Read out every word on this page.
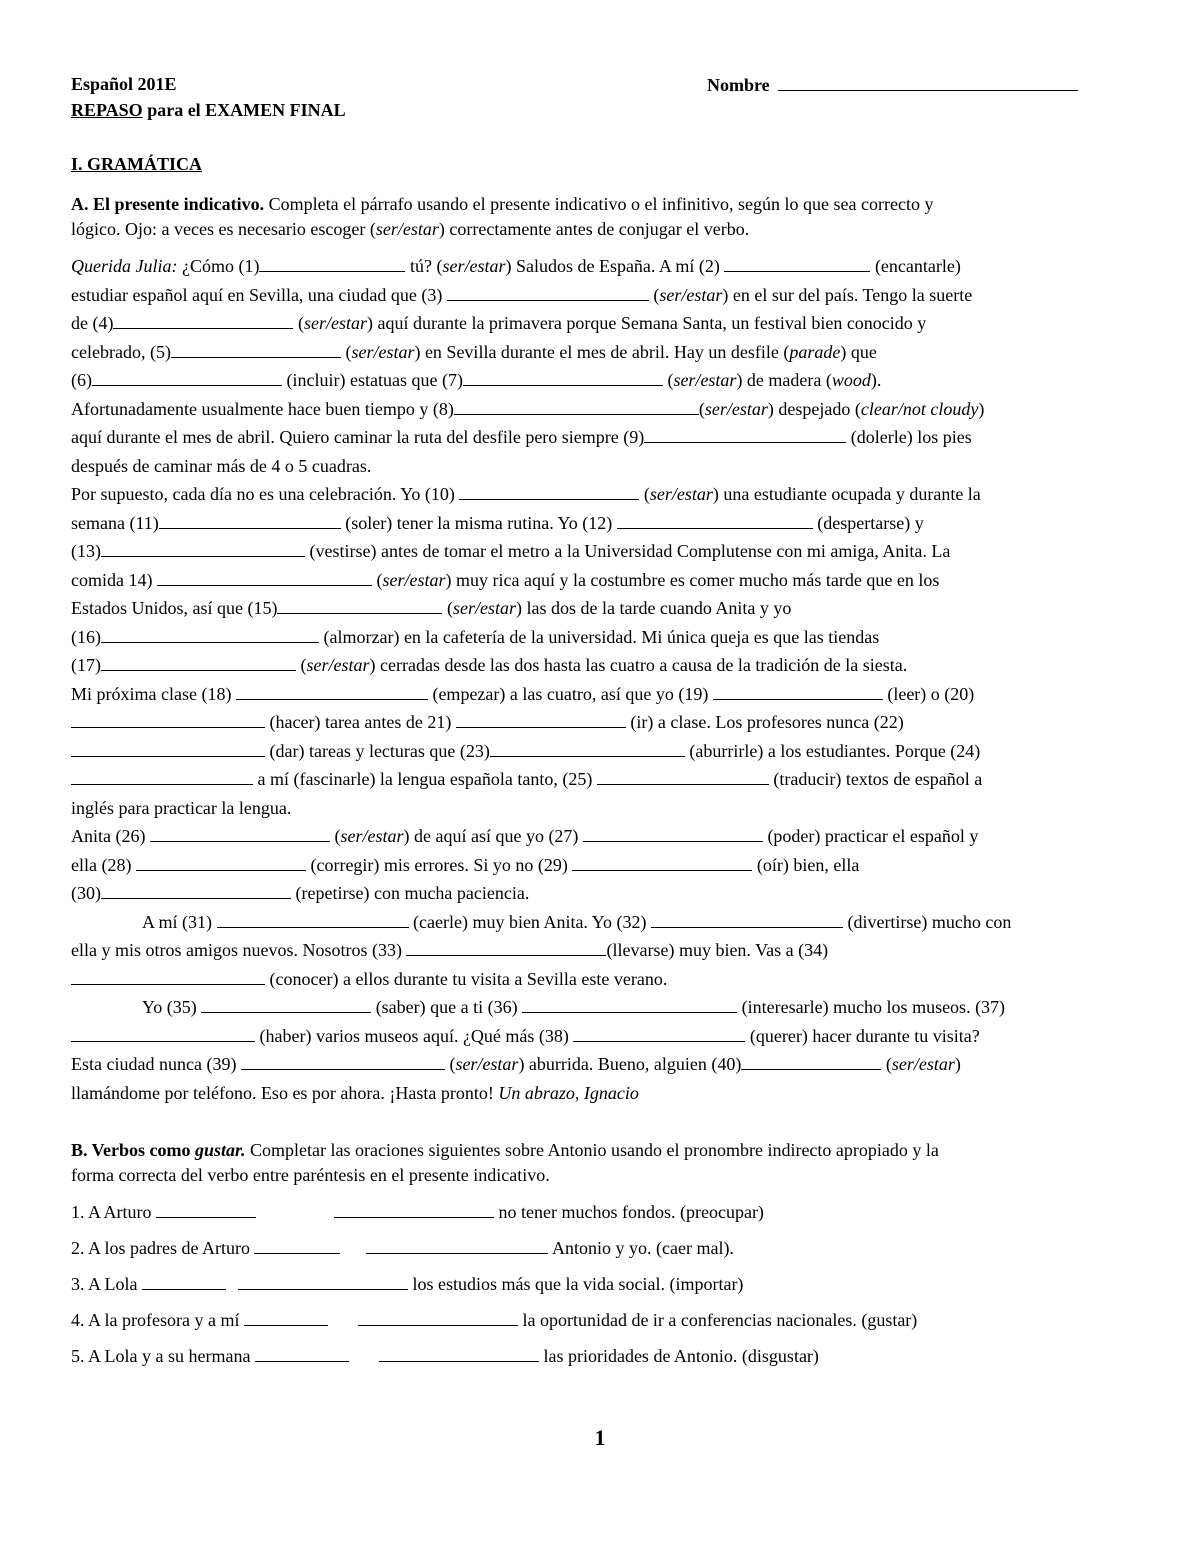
Español 201E	Nombre
REPASO para el EXAMEN FINAL
I. GRAMÁTICA
A. El presente indicativo. Completa el párrafo usando el presente indicativo o el infinitivo, según lo que sea correcto y
lógico. Ojo: a veces es necesario escoger (ser/estar) correctamente antes de conjugar el verbo.

Querida Julia: ¿Cómo (1)	tú? (ser/estar) Saludos de España. A mí (2)	(encantarle)

estudiar español aquí en Sevilla, una ciudad que (3)	(ser/estar) en el sur del país. Tengo la suerte

de (4)	(ser/estar) aquí durante la primavera porque Semana Santa, un festival bien conocido y

celebrado, (5)	(ser/estar) en Sevilla durante el mes de abril. Hay un desfile (parade) que

(6)	(incluir) estatuas que (7)	(ser/estar) de madera (wood).

Afortunadamente usualmente hace buen tiempo y (8)	(ser/estar) despejado (clear/not cloudy)

aquí durante el mes de abril. Quiero caminar la ruta del desfile pero siempre (9)	(dolerle) los pies

después de caminar más de 4 o 5 cuadras.

Por supuesto, cada día no es una celebración. Yo (10)	(ser/estar) una estudiante ocupada y durante la

semana (11)	(soler) tener la misma rutina. Yo (12)	(despertarse) y

(13)	(vestirse) antes de tomar el metro a la Universidad Complutense con mi amiga, Anita. La

comida 14)	(ser/estar) muy rica aquí y la costumbre es comer mucho más tarde que en los

Estados Unidos, así que (15)	(ser/estar) las dos de la tarde cuando Anita y yo

(16)	(almorzar) en la cafetería de la universidad. Mi única queja es que las tiendas

(17)	(ser/estar) cerradas desde las dos hasta las cuatro a causa de la tradición de la siesta.

Mi próxima clase (18)	(empezar) a las cuatro, así que yo (19)	(leer) o (20)

(hacer) tarea antes de 21)	(ir) a clase. Los profesores nunca (22)

(dar) tareas y lecturas que (23)	(aburrirle) a los estudiantes. Porque (24)

a mí (fascinarle) la lengua española tanto, (25)	(traducir) textos de español a

inglés para practicar la lengua.

Anita (26)	(ser/estar) de aquí así que yo (27)	(poder) practicar el español y

ella (28)	(corregir) mis errores. Si yo no (29)	(oír) bien, ella

(30)	(repetirse) con mucha paciencia.

A mí (31)	(caerle) muy bien Anita. Yo (32)	(divertirse) mucho con

ella y mis otros amigos nuevos. Nosotros (33)	(llevarse) muy bien. Vas a (34)

(conocer) a ellos durante tu visita a Sevilla este verano.

Yo (35)	(saber) que a ti (36)	(interesarle) mucho los museos. (37)

(haber) varios museos aquí. ¿Qué más (38)	(querer) hacer durante tu visita?

Esta ciudad nunca (39)	(ser/estar) aburrida. Bueno, alguien (40)	(ser/estar)

llamándome por teléfono. Eso es por ahora. ¡Hasta pronto! Un abrazo, Ignacio

B. Verbos como gustar. Completar las oraciones siguientes sobre Antonio usando el pronombre indirecto apropiado y la
forma correcta del verbo entre paréntesis en el presente indicativo.

1. A Arturo	no tener muchos fondos. (preocupar)

2. A los padres de Arturo	Antonio y yo. (caer mal).

3. A Lola	los estudios más que la vida social. (importar)

4. A la profesora y a mí	la oportunidad de ir a conferencias nacionales. (gustar)

5. A Lola y a su hermana	las prioridades de Antonio. (disgustar)

1
